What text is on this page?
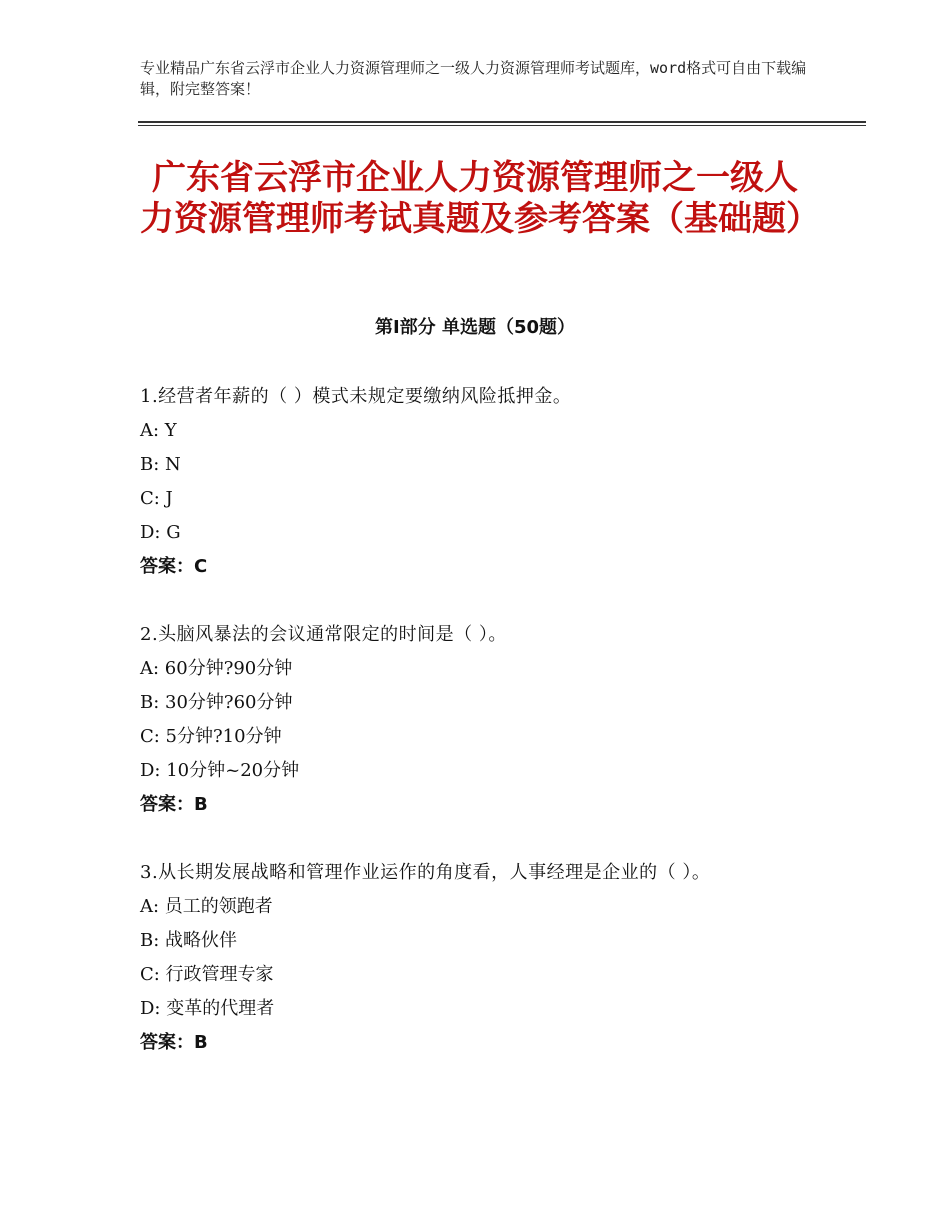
专业精品广东省云浮市企业人力资源管理师之一级人力资源管理师考试题库，word格式可自由下载编辑，附完整答案！
广东省云浮市企业人力资源管理师之一级人力资源管理师考试真题及参考答案（基础题）
第Ⅰ部分 单选题（50题）

1.经营者年薪的（ ）模式未规定要缴纳风险抵押金。

A: Y

B: N

C: J

D: G

答案：C

2.头脑风暴法的会议通常限定的时间是（ ）。

A: 60分钟?90分钟

B: 30分钟?60分钟

C: 5分钟?10分钟

D: 10分钟~20分钟

答案：B

3.从长期发展战略和管理作业运作的角度看，人事经理是企业的（ ）。

A: 员工的领跑者

B: 战略伙伴

C: 行政管理专家

D: 变革的代理者

答案：B
